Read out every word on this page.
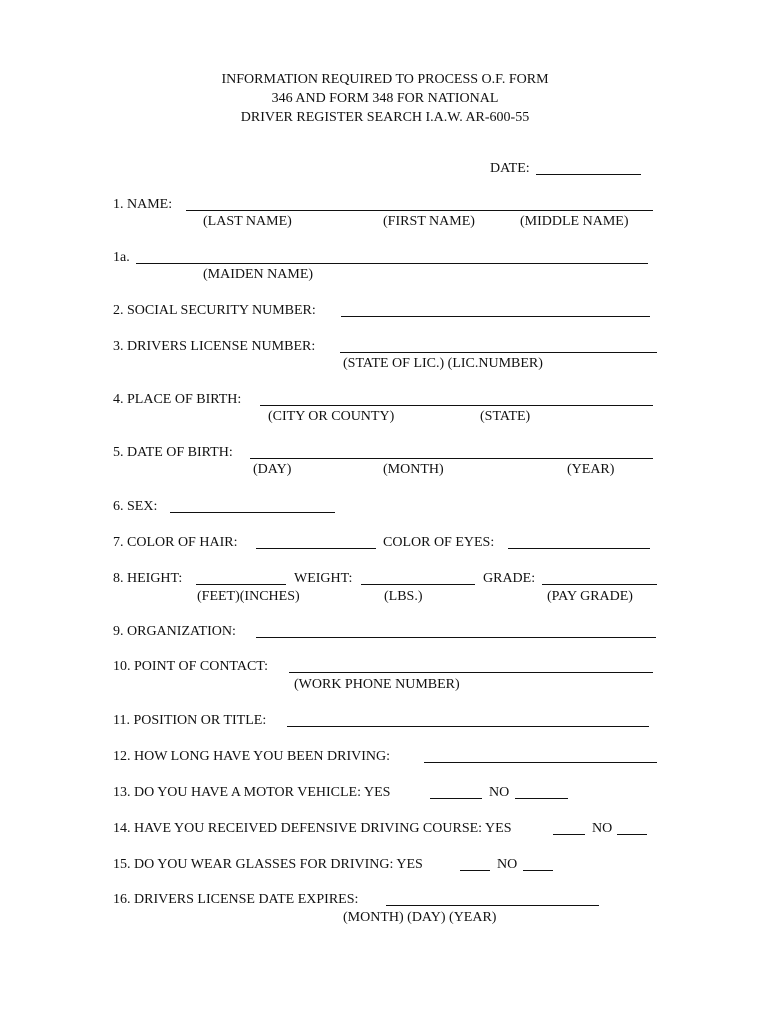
INFORMATION REQUIRED TO PROCESS O.F. FORM
346 AND FORM 348 FOR NATIONAL
DRIVER REGISTER SEARCH I.A.W. AR-600-55
DATE:
1. NAME:
(LAST NAME)	(FIRST NAME)	(MIDDLE NAME)
1a.
(MAIDEN NAME)
2. SOCIAL SECURITY NUMBER:
3. DRIVERS LICENSE NUMBER:
(STATE OF LIC.) (LIC.NUMBER)
4. PLACE OF BIRTH:
(CITY OR COUNTY)	(STATE)
5. DATE OF BIRTH:
(DAY)	(MONTH)	(YEAR)
6. SEX:
7. COLOR OF HAIR:	COLOR OF EYES:
8. HEIGHT:	WEIGHT:	GRADE:
(FEET)(INCHES)	(LBS.)	(PAY GRADE)
9. ORGANIZATION:
10. POINT OF CONTACT:
(WORK PHONE NUMBER)
11. POSITION OR TITLE:
12. HOW LONG HAVE YOU BEEN DRIVING:
13. DO YOU HAVE A MOTOR VEHICLE: YES	NO
14. HAVE YOU RECEIVED DEFENSIVE DRIVING COURSE: YES	NO
15. DO YOU WEAR GLASSES FOR DRIVING: YES	NO
16. DRIVERS LICENSE DATE EXPIRES:
(MONTH) (DAY) (YEAR)
